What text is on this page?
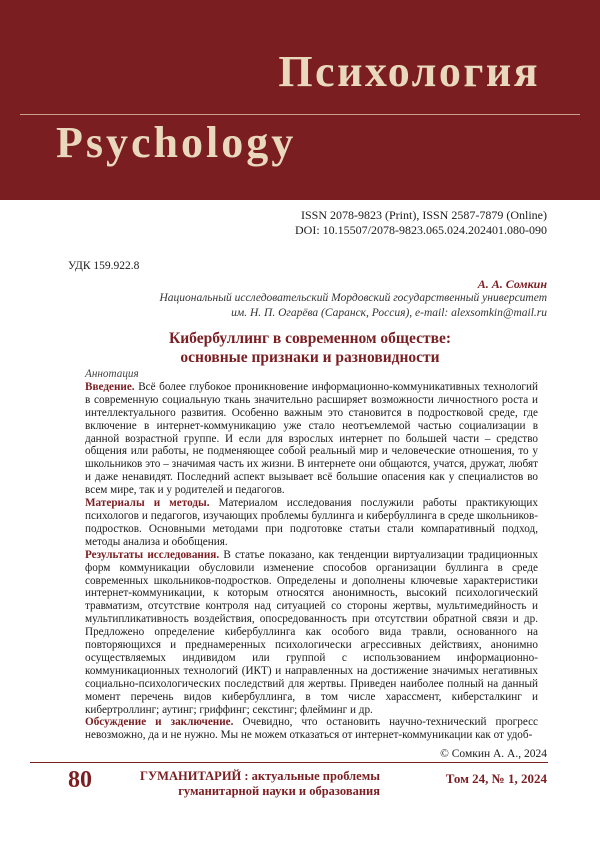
Психология
Psychology
ISSN 2078-9823 (Print), ISSN 2587-7879 (Online)
DOI: 10.15507/2078-9823.065.024.202401.080-090
УДК 159.922.8
А. А. Сомкин
Национальный исследовательский Мордовский государственный университет
им. Н. П. Огарёва (Саранск, Россия), e-mail: alexsomkin@mail.ru
Кибербуллинг в современном обществе:
основные признаки и разновидности
Аннотация

Введение. Всё более глубокое проникновение информационно-коммуникативных технологий в современную социальную ткань значительно расширяет возможности личностного роста и интеллектуального развития. Особенно важным это становится в подростковой среде, где включение в интернет-коммуникацию уже стало неотъемлемой частью социализации в данной возрастной группе. И если для взрослых интернет по большей части – средство общения или работы, не подменяющее собой реальный мир и человеческие отношения, то у школьников это – значимая часть их жизни. В интернете они общаются, учатся, дружат, любят и даже ненавидят. Последний аспект вызывает всё большие опасения как у специалистов во всем мире, так и у родителей и педагогов.

Материалы и методы. Материалом исследования послужили работы практикующих психологов и педагогов, изучающих проблемы буллинга и кибербуллинга в среде школьников-подростков. Основными методами при подготовке статьи стали компаративный подход, методы анализа и обобщения.

Результаты исследования. В статье показано, как тенденции виртуализации традиционных форм коммуникации обусловили изменение способов организации буллинга в среде современных школьников-подростков. Определены и дополнены ключевые характеристики интернет-коммуникации, к которым относятся анонимность, высокий психологический травматизм, отсутствие контроля над ситуацией со стороны жертвы, мультимедийность и мультипликативность воздействия, опосредованность при отсутствии обратной связи и др. Предложено определение кибербуллинга как особого вида травли, основанного на повторяющихся и преднамеренных психологически агрессивных действиях, анонимно осуществляемых индивидом или группой с использованием информационно-коммуникационных технологий (ИКТ) и направленных на достижение значимых негативных социально-психологических последствий для жертвы. Приведен наиболее полный на данный момент перечень видов кибербуллинга, в том числе харассмент, киберсталкинг и кибертроллинг; аутинг; гриффинг; секстинг; флейминг и др.

Обсуждение и заключение. Очевидно, что остановить научно-технический прогресс невозможно, да и не нужно. Мы не можем отказаться от интернет-коммуникации как от удоб-

© Сомкин А. А., 2024
80	ГУМАНИТАРИЙ : актуальные проблемы
гуманитарной науки и образования
Том 24, № 1, 2024
